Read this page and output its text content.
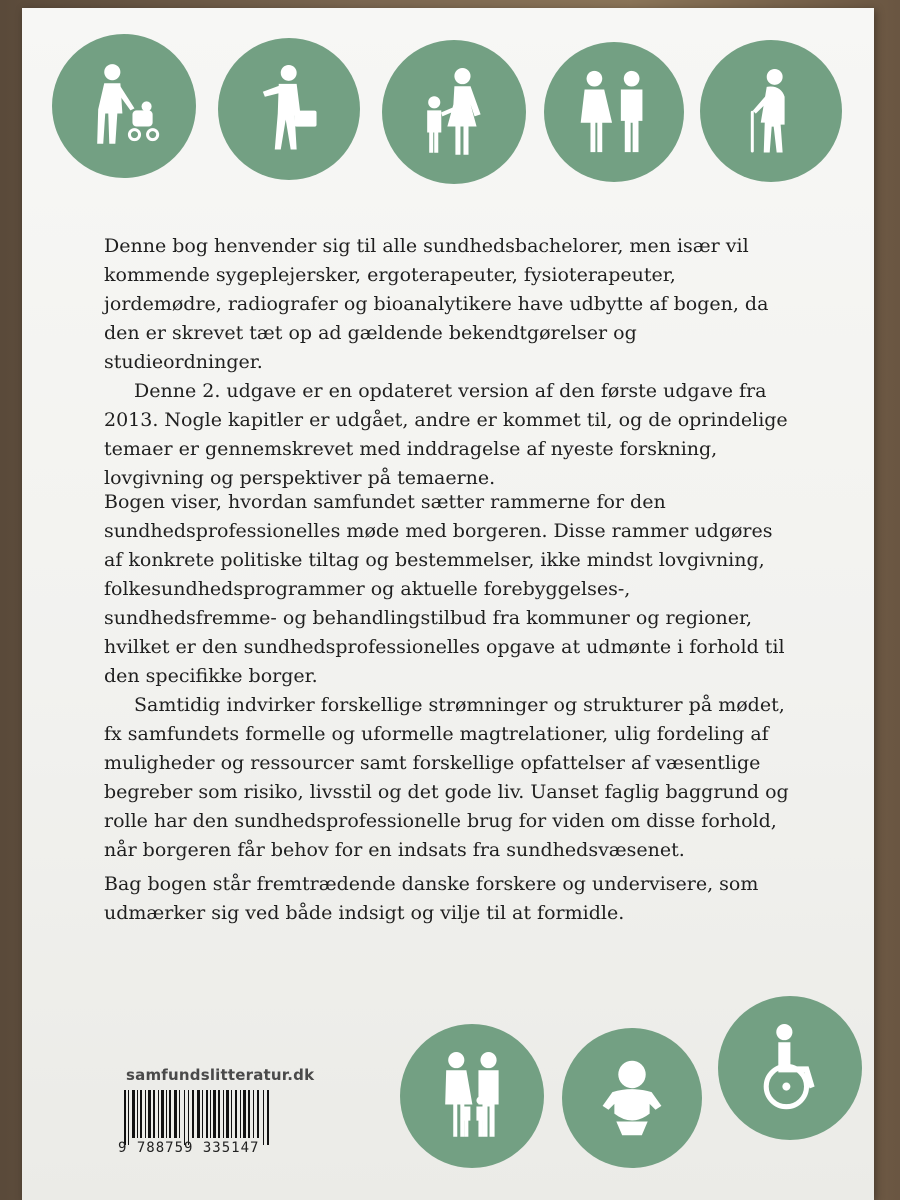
Denne bog henvender sig til alle sundhedsbachelorer, men især vil kommende sygeplejersker, ergoterapeuter, fysioterapeuter, jordemødre, radiografer og bioanalytikere have udbytte af bogen, da den er skrevet tæt op ad gældende bekendtgørelser og studieordninger.

Denne 2. udgave er en opdateret version af den første udgave fra 2013. Nogle kapitler er udgået, andre er kommet til, og de oprindelige temaer er gennemskrevet med inddragelse af nyeste forskning, lovgivning og perspektiver på temaerne.

Bogen viser, hvordan samfundet sætter rammerne for den sundhedsprofessionelles møde med borgeren. Disse rammer udgøres af konkrete politiske tiltag og bestemmelser, ikke mindst lovgivning, folkesundhedsprogrammer og aktuelle forebyggelses-, sundhedsfremme- og behandlingstilbud fra kommuner og regioner, hvilket er den sundhedsprofessionelles opgave at udmønte i forhold til den specifikke borger.

Samtidig indvirker forskellige strømninger og strukturer på mødet, fx samfundets formelle og uformelle magtrelationer, ulig fordeling af muligheder og ressourcer samt forskellige opfattelser af væsentlige begreber som risiko, livsstil og det gode liv. Uanset faglig baggrund og rolle har den sundhedsprofessionelle brug for viden om disse forhold, når borgeren får behov for en indsats fra sundhedsvæsenet.

Bag bogen står fremtrædende danske forskere og undervisere, som udmærker sig ved både indsigt og vilje til at formidle.

samfundslitteratur.dk
9 788759 335147
